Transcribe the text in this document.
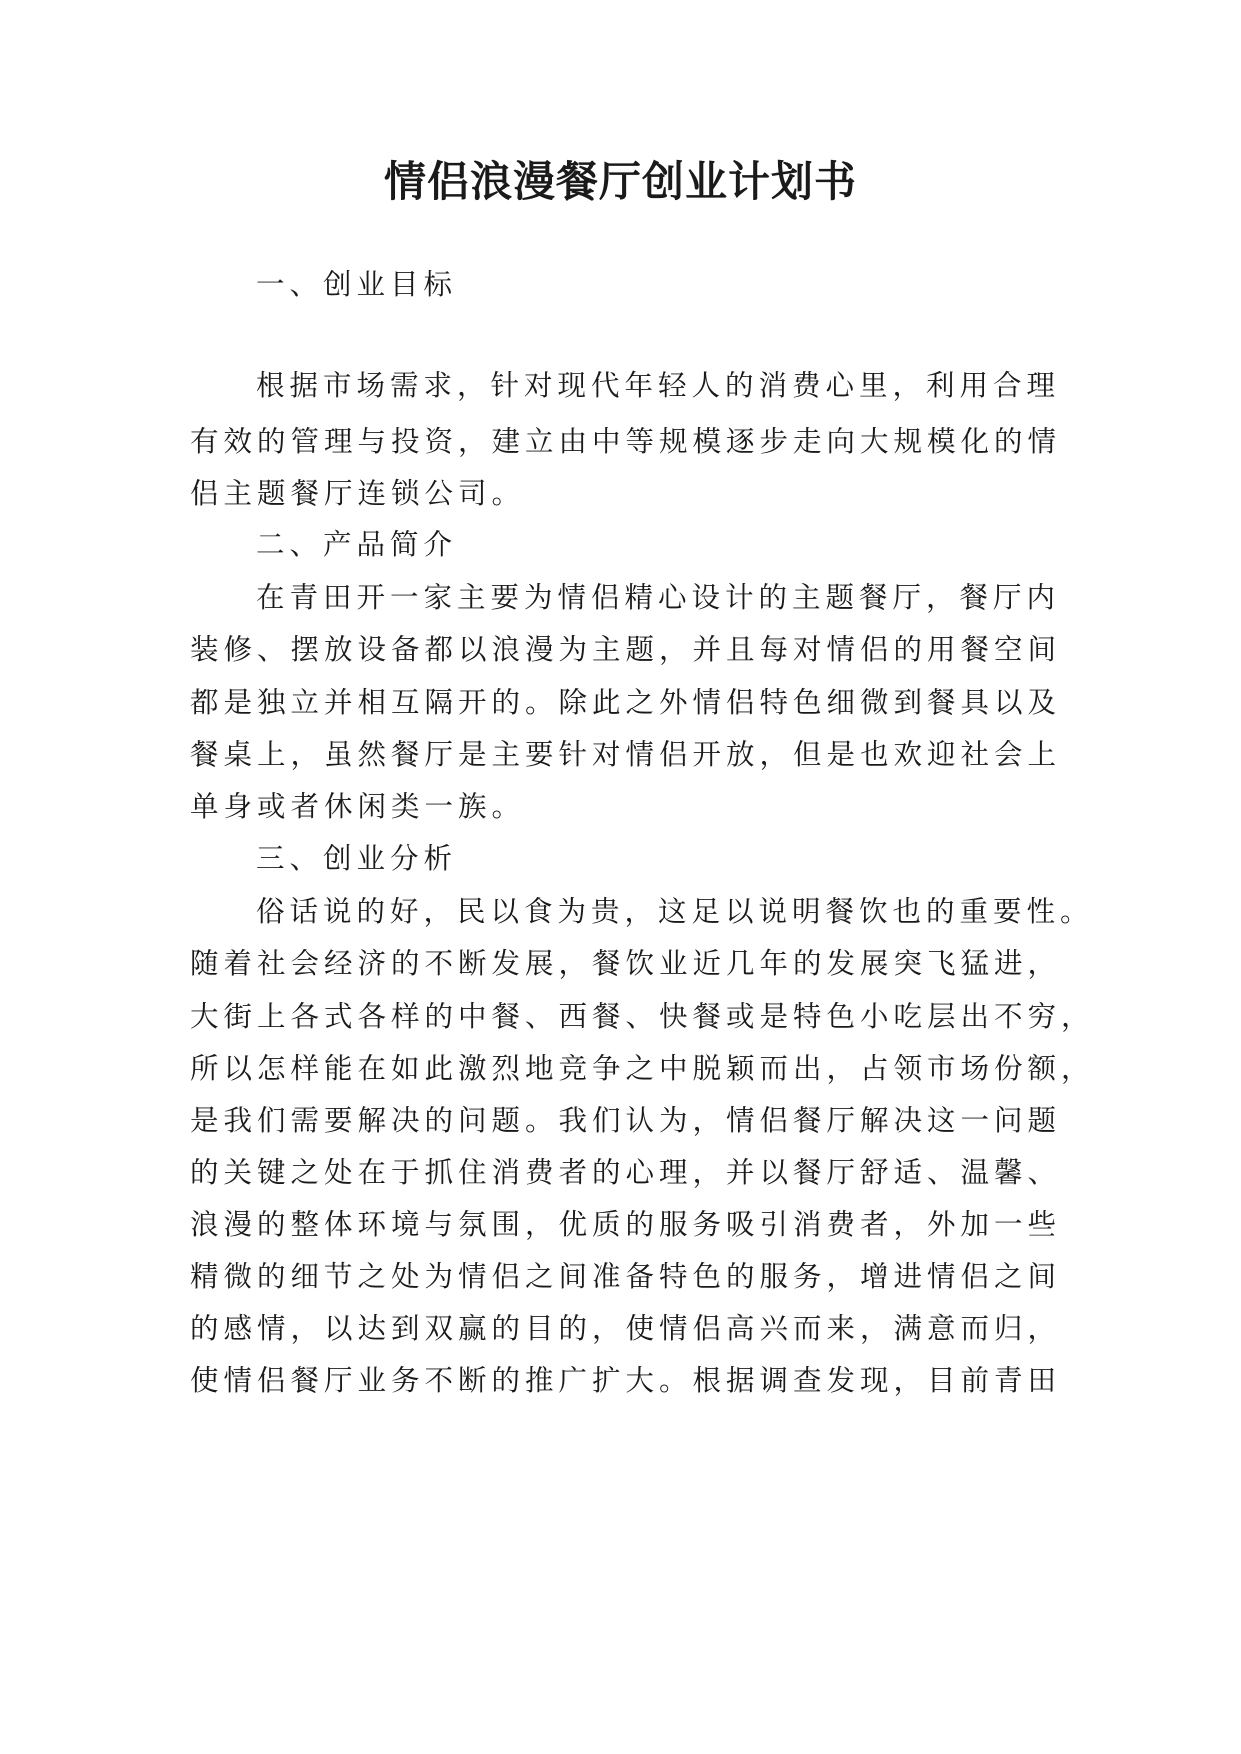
情侣浪漫餐厅创业计划书
一、创业目标
根据市场需求，针对现代年轻人的消费心里，利用合理
有效的管理与投资，建立由中等规模逐步走向大规模化的情
侣主题餐厅连锁公司。
二、产品简介
在青田开一家主要为情侣精心设计的主题餐厅，餐厅内
装修、摆放设备都以浪漫为主题，并且每对情侣的用餐空间
都是独立并相互隔开的。除此之外情侣特色细微到餐具以及
餐桌上，虽然餐厅是主要针对情侣开放，但是也欢迎社会上
单身或者休闲类一族。
三、创业分析
俗话说的好，民以食为贵，这足以说明餐饮也的重要性。
随着社会经济的不断发展，餐饮业近几年的发展突飞猛进，
大街上各式各样的中餐、西餐、快餐或是特色小吃层出不穷，
所以怎样能在如此激烈地竞争之中脱颖而出，占领市场份额，
是我们需要解决的问题。我们认为，情侣餐厅解决这一问题
的关键之处在于抓住消费者的心理，并以餐厅舒适、温馨、
浪漫的整体环境与氛围，优质的服务吸引消费者，外加一些
精微的细节之处为情侣之间准备特色的服务，增进情侣之间
的感情，以达到双赢的目的，使情侣高兴而来，满意而归，
使情侣餐厅业务不断的推广扩大。根据调查发现，目前青田
